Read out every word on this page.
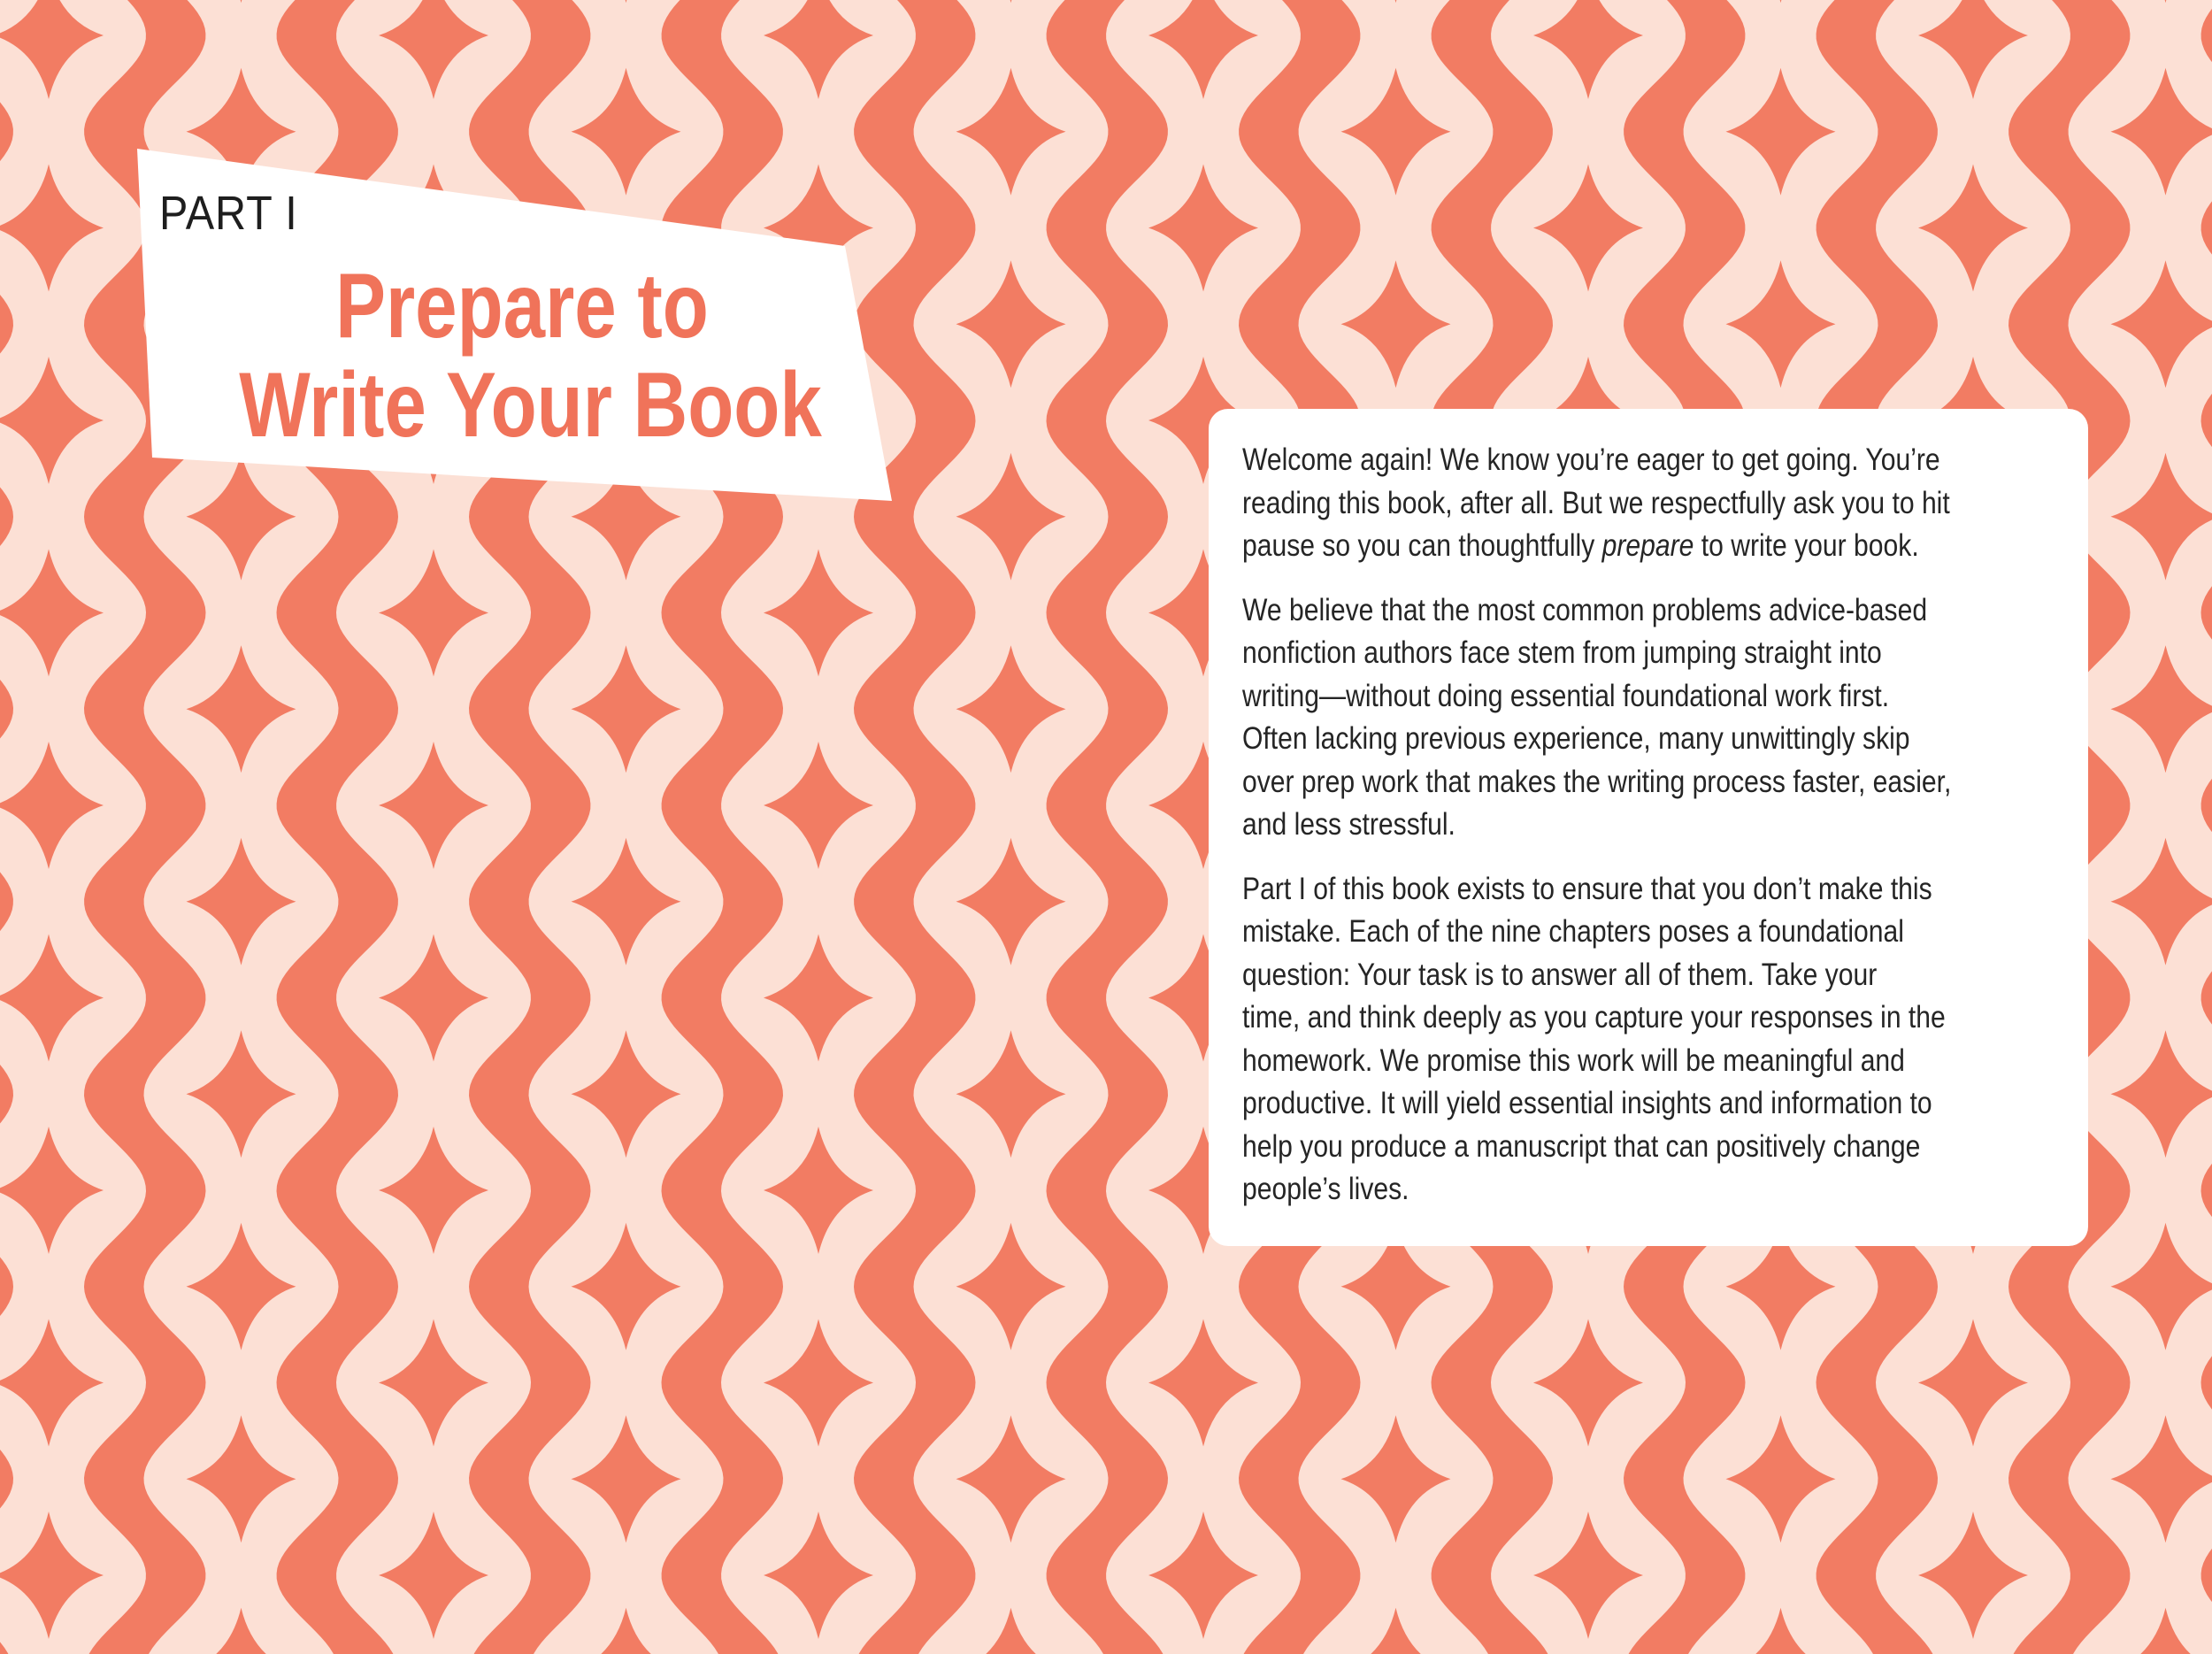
PART I
Prepare to
Write Your Book

Welcome again! We know you’re eager to get going. You’re
reading this book, after all. But we respectfully ask you to hit
pause so you can thoughtfully prepare to write your book.

We believe that the most common problems advice-based
nonfiction authors face stem from jumping straight into
writing—without doing essential foundational work first.
Often lacking previous experience, many unwittingly skip
over prep work that makes the writing process faster, easier,
and less stressful.

Part I of this book exists to ensure that you don’t make this
mistake. Each of the nine chapters poses a foundational
question: Your task is to answer all of them. Take your
time, and think deeply as you capture your responses in the
homework. We promise this work will be meaningful and
productive. It will yield essential insights and information to
help you produce a manuscript that can positively change
people’s lives.
